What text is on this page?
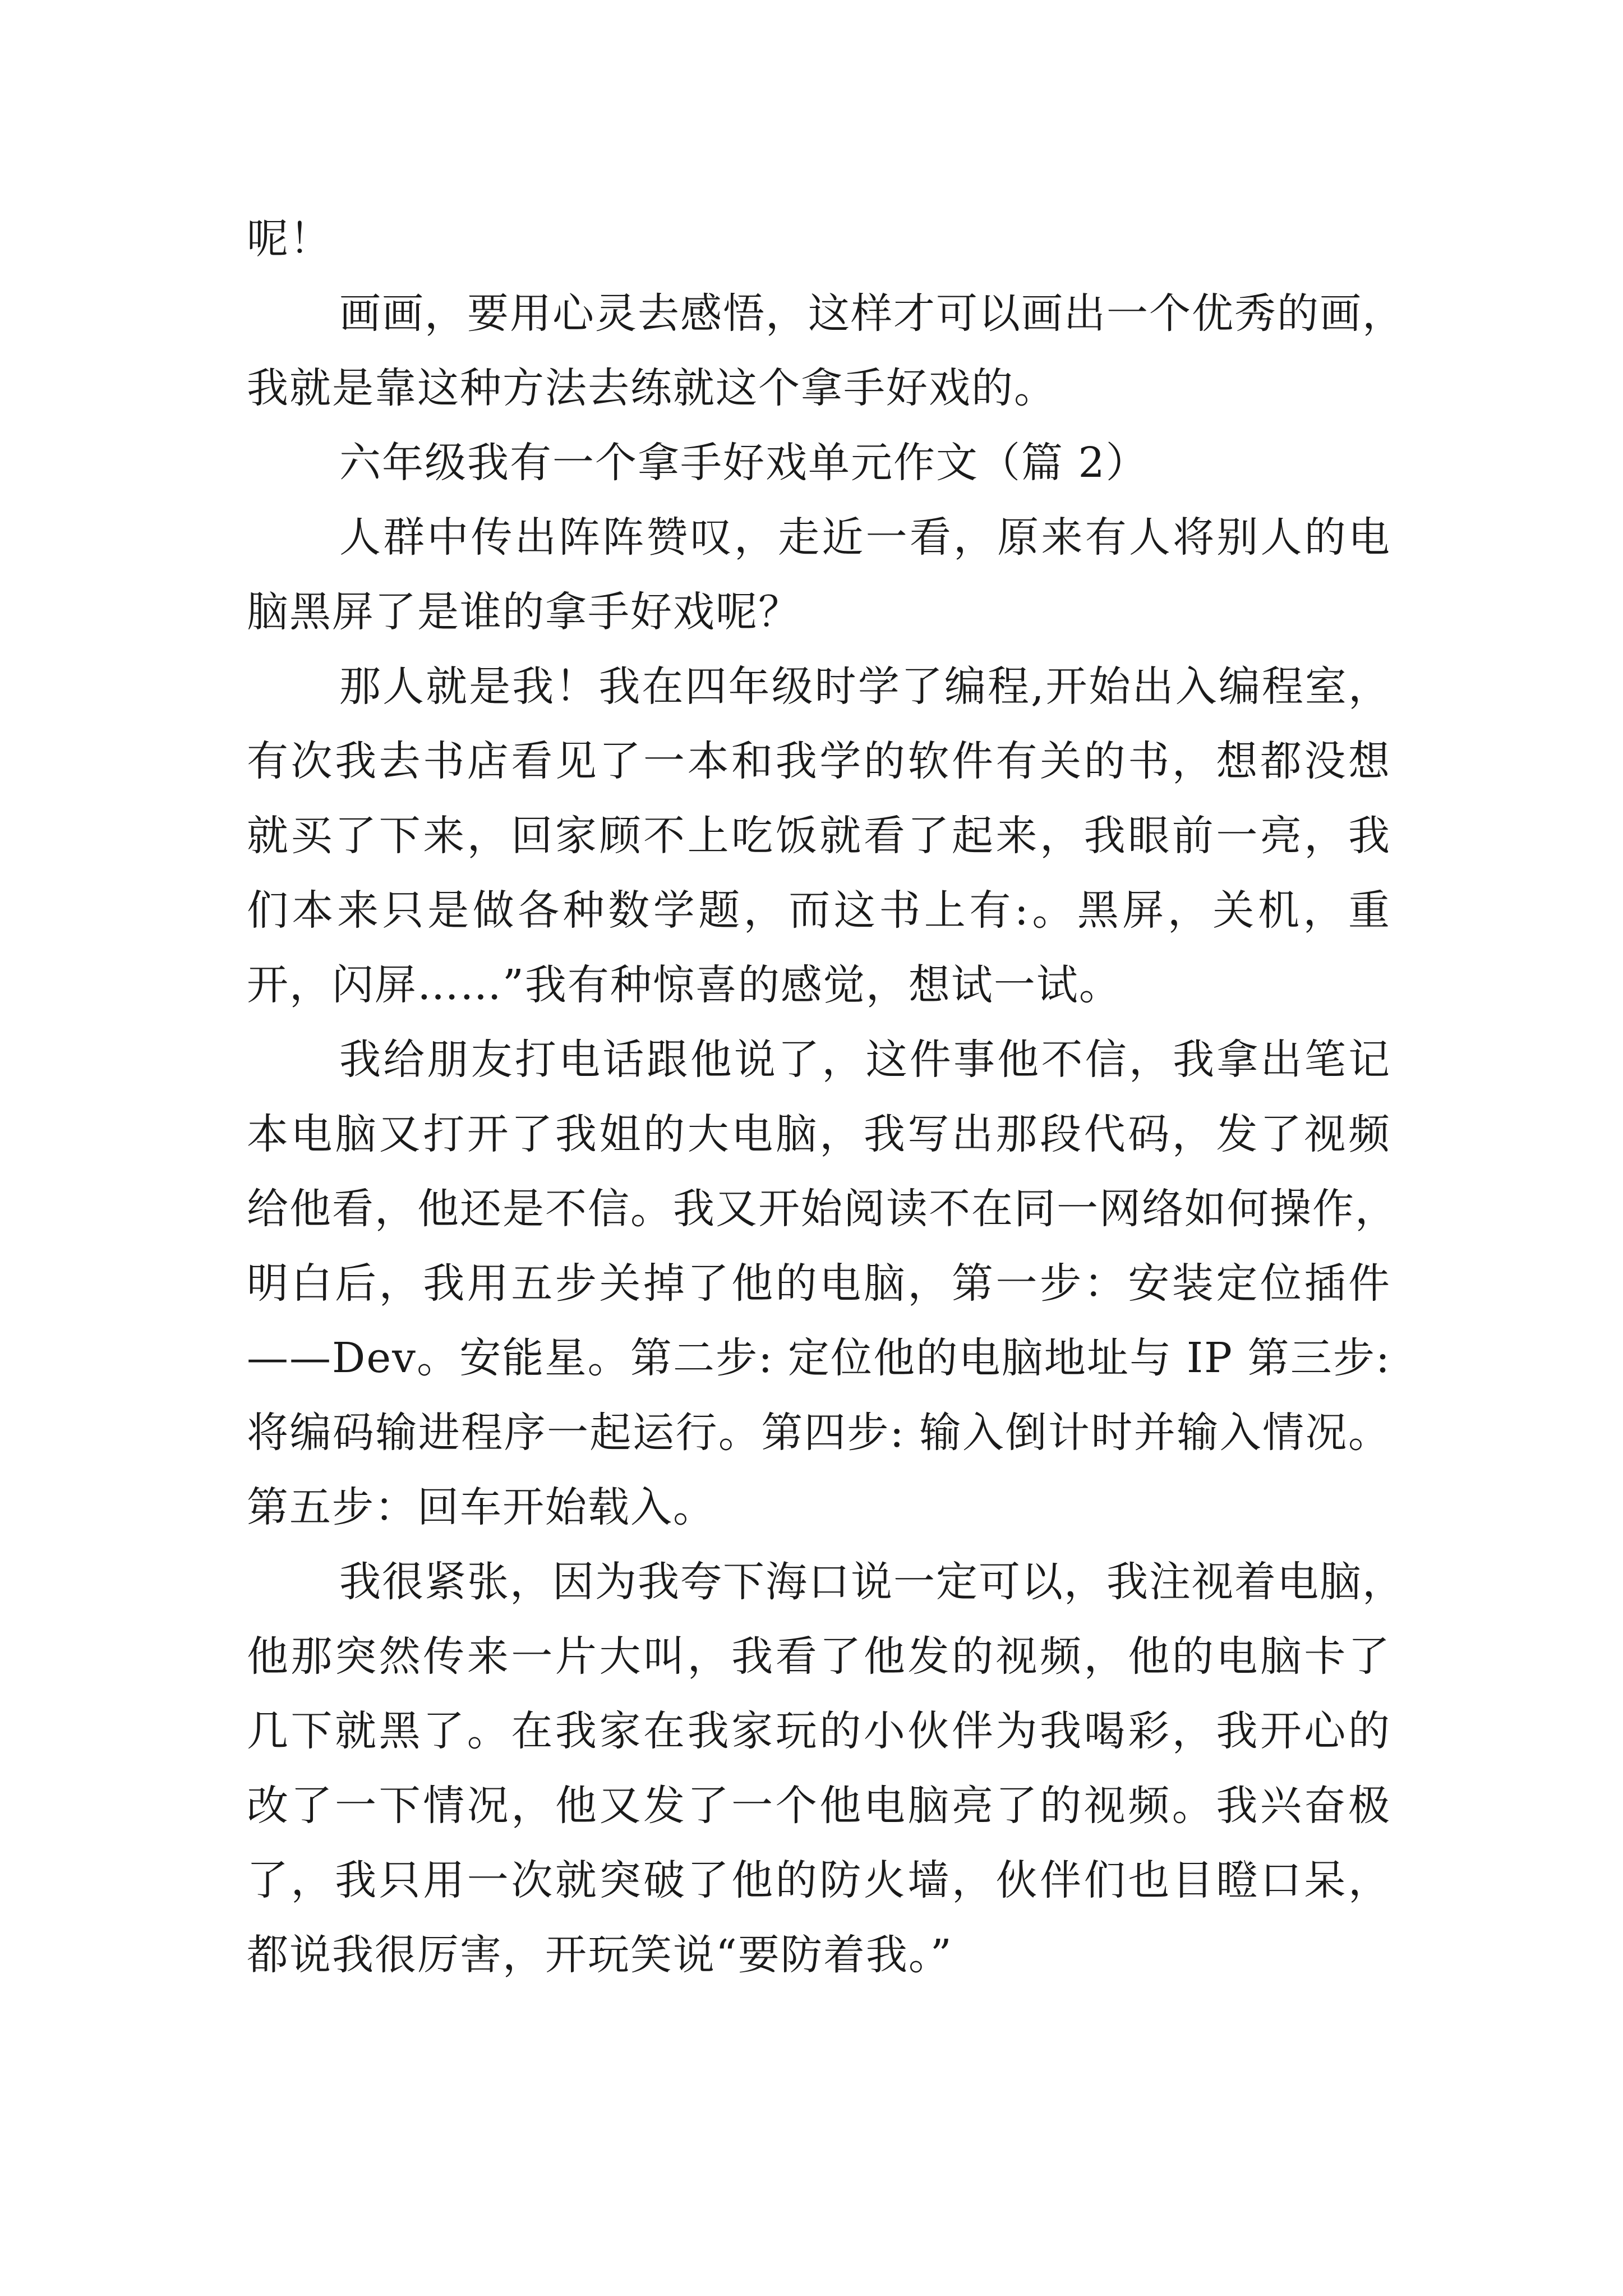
呢！
画画，要用心灵去感悟，这样才可以画出一个优秀的画，
我就是靠这种方法去练就这个拿手好戏的。
六年级我有一个拿手好戏单元作文（篇 2）
人群中传出阵阵赞叹，走近一看，原来有人将别人的电
脑黑屏了是谁的拿手好戏呢？
那人就是我！我在四年级时学了编程,开始出入编程室，
有次我去书店看见了一本和我学的软件有关的书，想都没想
就买了下来，回家顾不上吃饭就看了起来，我眼前一亮，我
们本来只是做各种数学题，而这书上有:。黑屏，关机，重
开，闪屏……”我有种惊喜的感觉，想试一试。
我给朋友打电话跟他说了，这件事他不信，我拿出笔记
本电脑又打开了我姐的大电脑，我写出那段代码，发了视频
给他看，他还是不信。我又开始阅读不在同一网络如何操作，
明白后，我用五步关掉了他的电脑，第一步：安装定位插件
——Dev。安能星。第二步: 定位他的电脑地址与 IP 第三步:
将编码输进程序一起运行。第四步: 输入倒计时并输入情况。
第五步：回车开始载入。
我很紧张，因为我夸下海口说一定可以，我注视着电脑，
他那突然传来一片大叫，我看了他发的视频，他的电脑卡了
几下就黑了。在我家在我家玩的小伙伴为我喝彩，我开心的
改了一下情况，他又发了一个他电脑亮了的视频。我兴奋极
了，我只用一次就突破了他的防火墙，伙伴们也目瞪口呆，
都说我很厉害，开玩笑说“要防着我。”
